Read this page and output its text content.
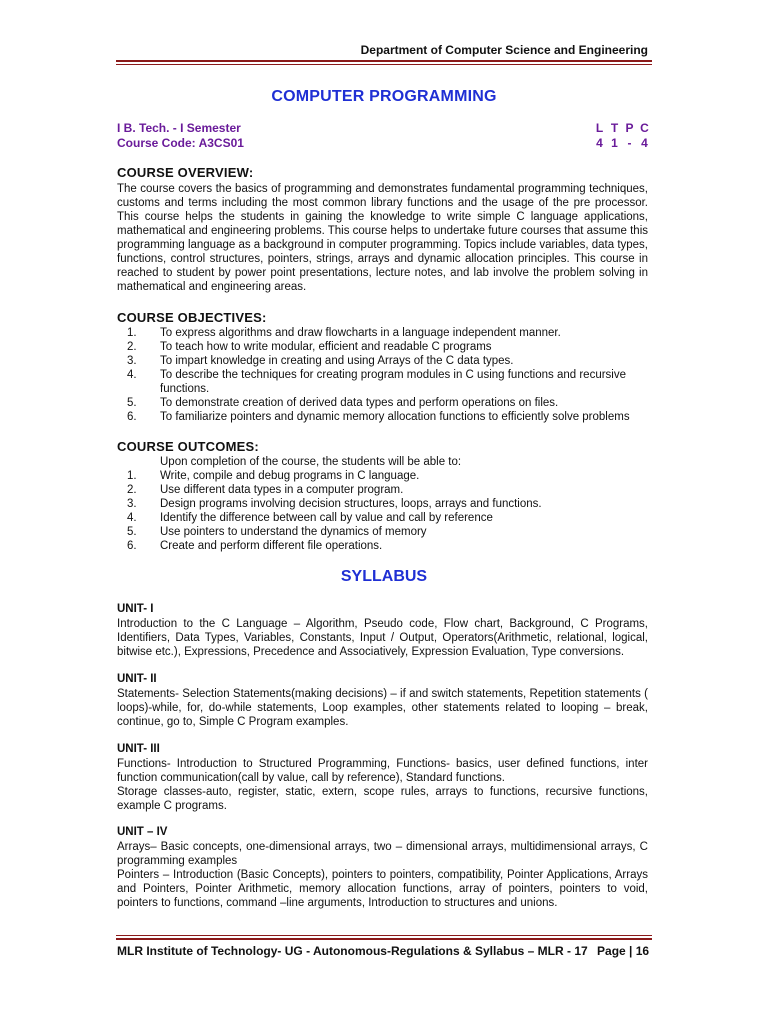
Department of Computer Science and Engineering
COMPUTER PROGRAMMING
I B. Tech. - I Semester
Course Code: A3CS01
L T P C
4 1 - 4
COURSE OVERVIEW:
The course covers the basics of programming and demonstrates fundamental programming techniques, customs and terms including the most common library functions and the usage of the pre processor. This course helps the students in gaining the knowledge to write simple C language applications, mathematical and engineering problems. This course helps to undertake future courses that assume this programming language as a background in computer programming. Topics include variables, data types, functions, control structures, pointers, strings, arrays and dynamic allocation principles. This course in reached to student by power point presentations, lecture notes, and lab involve the problem solving in mathematical and engineering areas.
COURSE OBJECTIVES:
1.	To express algorithms and draw flowcharts in a language independent manner.
2.	To teach how to write modular, efficient and readable C programs
3.	To impart knowledge in creating and using Arrays of the C data types.
4.	To describe the techniques for creating program modules in C using functions and recursive functions.
5.	To demonstrate creation of derived data types and perform operations on files.
6.	To familiarize pointers and dynamic memory allocation functions to efficiently solve problems
COURSE OUTCOMES:
Upon completion of the course, the students will be able to:
1.	Write, compile and debug programs in C language.
2.	Use different data types in a computer program.
3.	Design programs involving decision structures, loops, arrays and functions.
4.	Identify the difference between call by value and call by reference
5.	Use pointers to understand the dynamics of memory
6.	Create and perform different file operations.
SYLLABUS
UNIT- I
Introduction to the C Language – Algorithm, Pseudo code, Flow chart, Background, C Programs, Identifiers, Data Types, Variables, Constants, Input / Output, Operators(Arithmetic, relational, logical, bitwise etc.), Expressions, Precedence and Associatively, Expression Evaluation, Type conversions.
UNIT- II
Statements- Selection Statements(making decisions) – if and switch statements, Repetition statements ( loops)-while, for, do-while statements, Loop examples, other statements related to looping – break, continue, go to, Simple C Program examples.
UNIT- III
Functions- Introduction to Structured Programming, Functions- basics, user defined functions, inter function communication(call by value, call by reference), Standard functions.
Storage classes-auto, register, static, extern, scope rules, arrays to functions, recursive functions, example C programs.
UNIT – IV
Arrays– Basic concepts, one-dimensional arrays, two – dimensional arrays, multidimensional arrays, C programming examples
Pointers – Introduction (Basic Concepts), pointers to pointers, compatibility, Pointer Applications, Arrays and Pointers, Pointer Arithmetic, memory allocation functions, array of pointers, pointers to void, pointers to functions, command –line arguments, Introduction to structures and unions.
MLR Institute of Technology- UG - Autonomous-Regulations & Syllabus – MLR - 17 Page | 16
